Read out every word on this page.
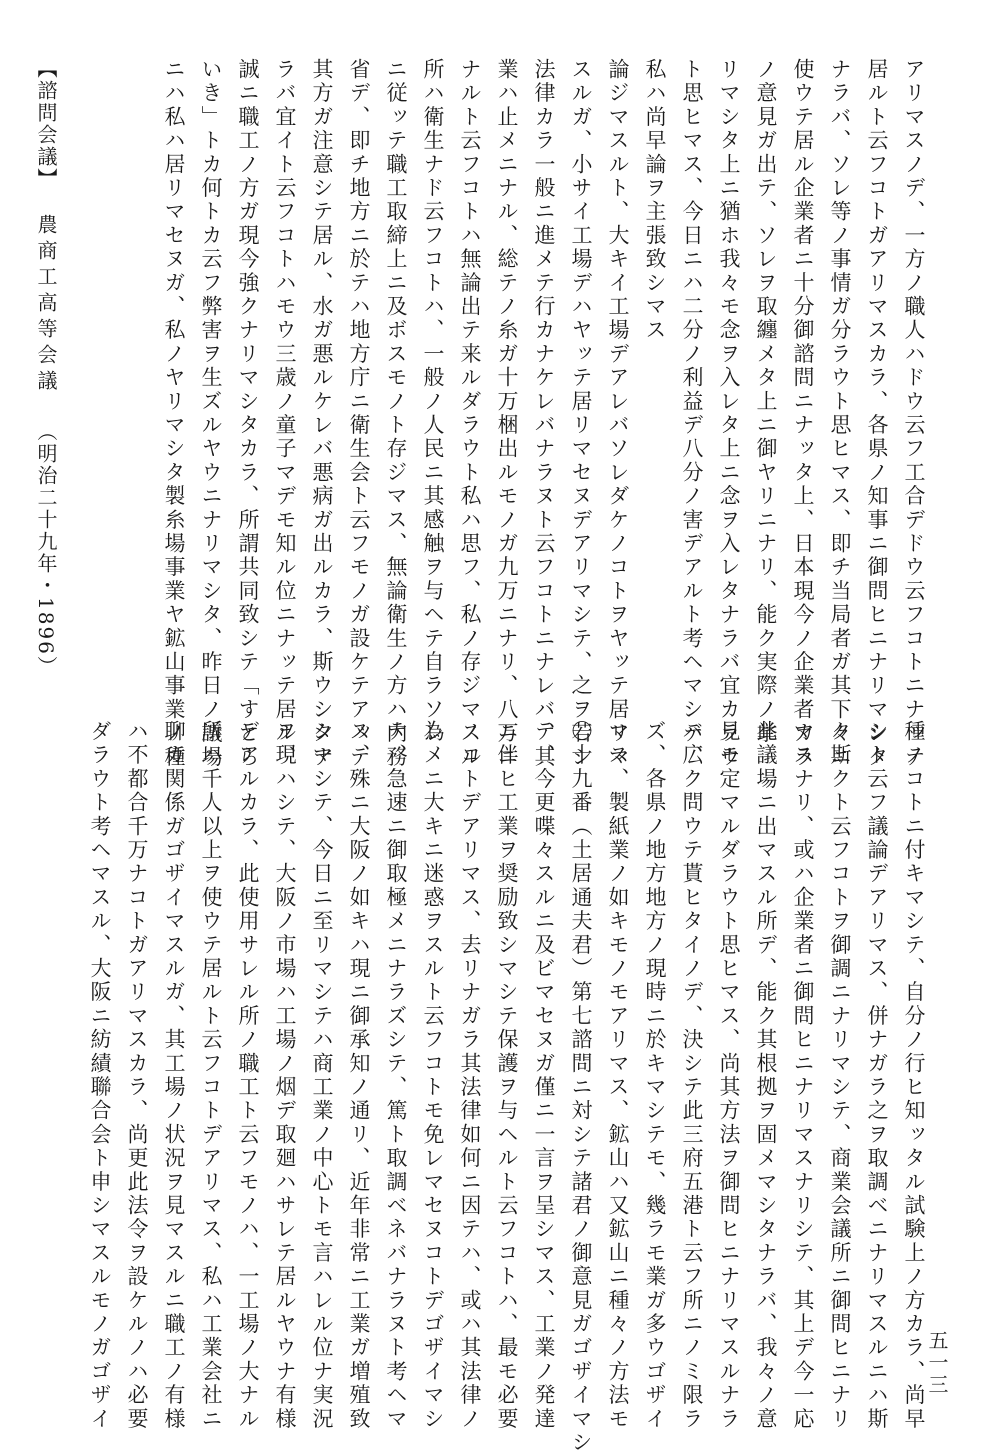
【諮問会議】 農商工高等会議 （明治二十九年・1896）	アリマスノデ、一方ノ職人ハドウ云フ工合デドウ云フコトニナッテ
居ルト云フコトガアリマスカラ、各県ノ知事ニ御問ヒニナリマシタ
ナラバ、ソレ等ノ事情ガ分ラウト思ヒマス、即チ当局者ガ其下々ニ
使ウテ居ル企業者ニ十分御諮問ニナッタ上、日本現今ノ企業者カラ
ノ意見ガ出テ、ソレヲ取纏メタ上ニ御ヤリニナリ、能ク実際ノ挙
リマシタ上ニ猶ホ我々モ念ヲ入レタ上ニ念ヲ入レタナラバ宜カラウ
ト思ヒマス、今日ニハ二分ノ利益デ八分ノ害デアルト考ヘマシテ、
私ハ尚早論ヲ主張致シマス
論ジマスルト、大キイ工場デアレバソレダケノコトヲヤッテ居リマ
スルガ、小サイ工場デハヤッテ居リマセヌデアリマシテ、之ヲ若シ
法律カラ一般ニ進メテ行カナケレバナラヌト云フコトニナレバ、其
業ハ止メニナル、総テノ糸ガ十万梱出ルモノガ九万ニナリ、八万ニ
ナルト云フコトハ無論出テ来ルダラウト私ハ思フ、私ノ存ジマスル
所ハ衛生ナド云フコトハ、一般ノ人民ニ其感触ヲ与ヘテ自ラソレ
ニ従ッテ職工取締上ニ及ボスモノト存ジマス、無論衛生ノ方ハ内務
省デ、即チ地方ニ於テハ地方庁ニ衛生会ト云フモノガ設ケテアッテ
其方ガ注意シテ居ル、水ガ悪ルケレバ悪病ガ出ルカラ、斯ウシタナ
ラバ宜イト云フコトハモウ三歳ノ童子マデモ知ル位ニナッテ居ル、
誠ニ職工ノ方ガ現今強クナリマシタカラ、所謂共同致シテ「すとら
いき」トカ何トカ云フ弊害ヲ生ズルヤウニナリマシタ、昨日ノ議場
ニハ私ハ居リマセヌガ、私ノヤリマシタ製糸場事業ヤ鉱山事業ノ種
種ノコトニ付キマシテ、自分ノ行ヒ知ッタル試験上ノ方カラ、尚早
シト云フ議論デアリマス、併ナガラ之ヲ取調ベニナリマスルニハ斯
ク斯クト云フコトヲ御調ニナリマシテ、商業会議所ニ御問ヒニナリ
マスナリ、或ハ企業者ニ御問ヒニナリマスナリシテ、其上デ今一応
此議場ニ出マスル所デ、能ク其根拠ヲ固メマシタナラバ、我々ノ意
見モ定マルダラウト思ヒマス、尚其方法ヲ御問ヒニナリマスルナラ
バ広ク問ウテ貰ヒタイノデ、決シテ此三府五港ト云フ所ニノミ限ラ
ズ、各県ノ地方地方ノ現時ニ於キマシテモ、幾ラモ業ガ多ウゴザイ
マス、製紙業ノ如キモノモアリマス、鉱山ハ又鉱山ニ種々ノ方法モ
〇十九番（土居通夫君）第七諮問ニ対シテ諸君ノ御意見ガゴザイマシ
テ、今更喋々スルニ及ビマセヌガ僅ニ一言ヲ呈シマス、工業ノ発達
ニ伴ヒ工業ヲ奨励致シマシテ保護ヲ与ヘルト云フコトハ、最モ必要
ノコトデアリマス、去リナガラ其法律如何ニ因テハ、或ハ其法律ノ
為メニ大キニ迷惑ヲスルト云フコトモ免レマセヌコトデゴザイマシ
テ、急速ニ御取極メニナラズシテ、篤ト取調ベネバナラヌト考ヘマ
ス、殊ニ大阪ノ如キハ現ニ御承知ノ通リ、近年非常ニ工業ガ増殖致
シマシテ、今日ニ至リマシテハ商工業ノ中心トモ言ハレル位ナ実況
ヲ現ハシテ、大阪ノ市場ハ工場ノ烟デ取廻ハサレテ居ルヤウナ有様
デアルカラ、此使用サレル所ノ職工ト云フモノハ、一工場ノ大ナル
所ハ千人以上ヲ使ウテ居ルト云フコトデアリマス、私ハ工業会社ニ
聊カ関係ガゴザイマスルガ、其工場ノ状況ヲ見マスルニ職工ノ有様
ハ不都合千万ナコトガアリマスカラ、尚更此法令ヲ設ケルノハ必要
ダラウト考ヘマスル、大阪ニ紡績聯合会ト申シマスルモノガゴザイ	五一三
